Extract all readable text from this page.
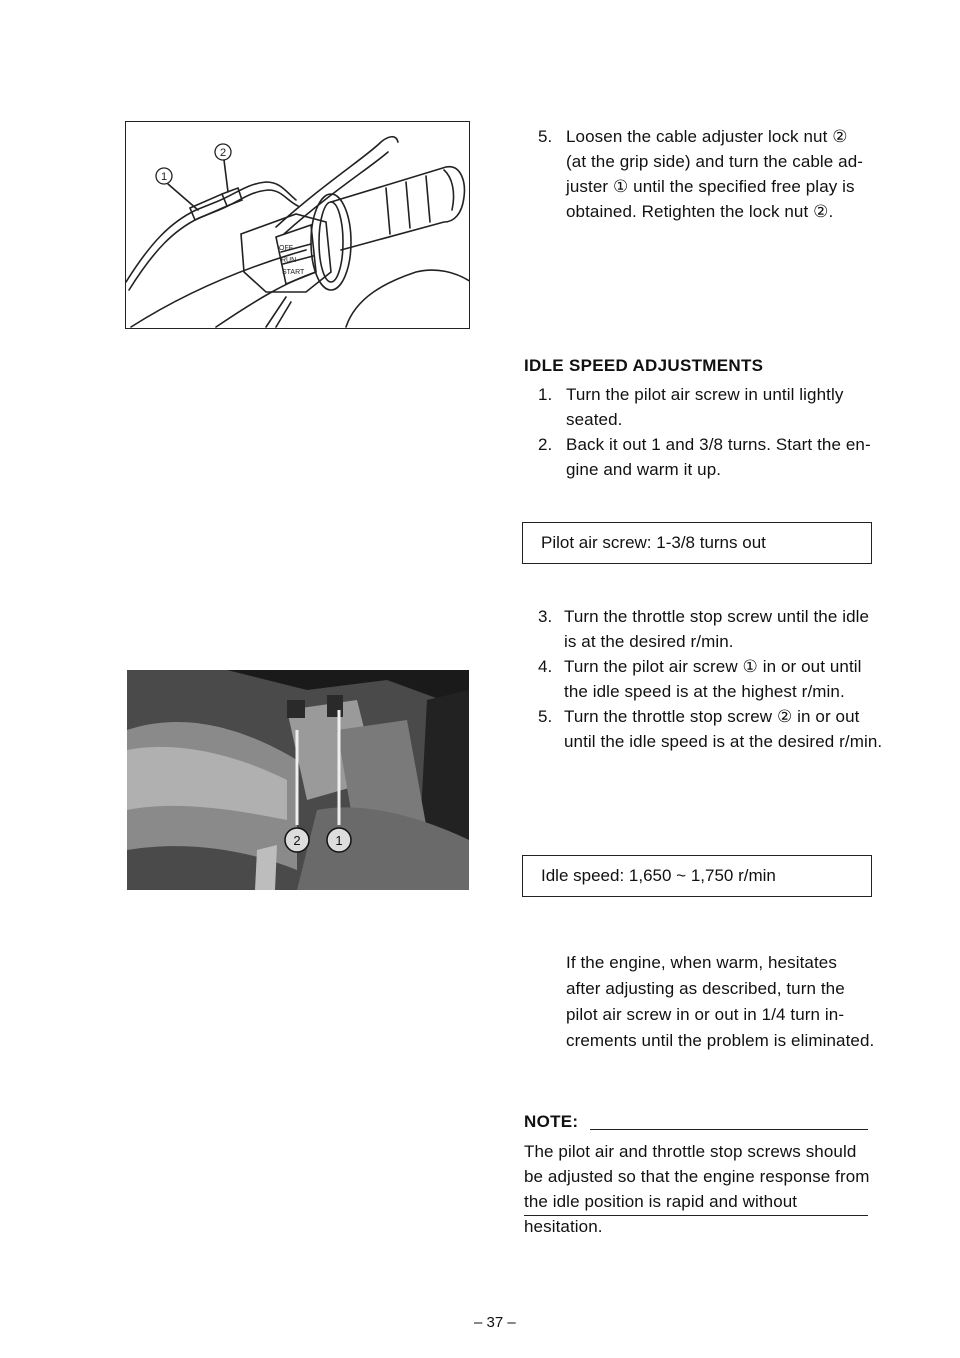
OFF
RUN
START
1
2
2	1
5. Loosen the cable adjuster lock nut ②
(at the grip side) and turn the cable ad-
juster ① until the specified free play is
obtained. Retighten the lock nut ②.
IDLE SPEED ADJUSTMENTS
1. Turn the pilot air screw in until lightly
seated.
2. Back it out 1 and 3/8 turns. Start the en-
gine and warm it up.
Pilot air screw: 1-3/8 turns out
3. Turn the throttle stop screw until the idle
is at the desired r/min.
4. Turn the pilot air screw ① in or out until
the idle speed is at the highest r/min.
5. Turn the throttle stop screw ② in or out
until the idle speed is at the desired r/min.
Idle speed: 1,650 ~ 1,750 r/min
If the engine, when warm, hesitates
after adjusting as described, turn the
pilot air screw in or out in 1/4 turn in-
crements until the problem is eliminated.
NOTE:
The pilot air and throttle stop screws should
be adjusted so that the engine response from
the idle position is rapid and without hesitation.
– 37 –
